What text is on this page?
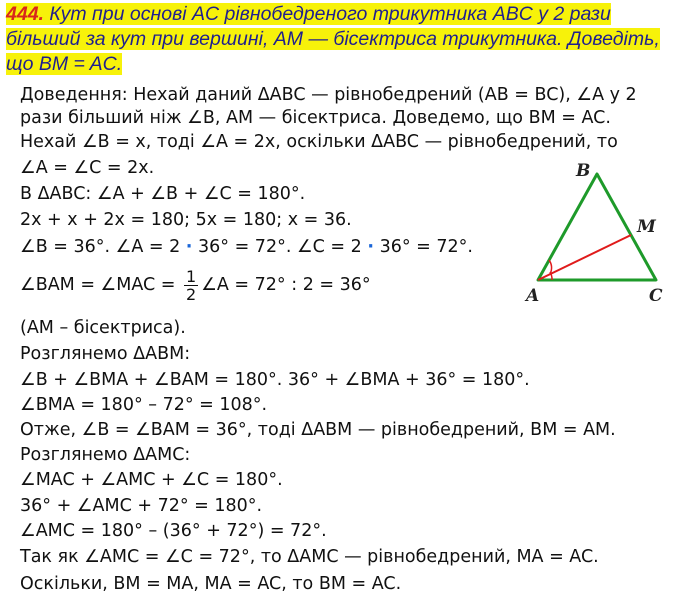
444. Кут при основі AC рівнобедреного трикутника ABC у 2 рази
більший за кут при вершині, AM — бісектриса трикутника. Доведіть,
що BM = AC.
Доведення: Нехай даний ΔABC — рівнобедрений (AB = BC), ∠A у 2
рази більший ніж ∠B, AM — бісектриса. Доведемо, що BM = AC.
Нехай ∠B = x, тоді ∠A = 2x, оскільки ΔABC — рівнобедрений, то
∠A = ∠C = 2x.
В ΔABC: ∠A + ∠B + ∠C = 180°.
2x + x + 2x = 180; 5x = 180; x = 36.
∠B = 36°. ∠A = 2 · 36° = 72°. ∠C = 2 · 36° = 72°.
∠BAM = ∠MAC = $\frac{1}{2}$ ∠A = 72° : 2 = 36°
(AM – бісектриса).
Розглянемо ΔABM:
∠B + ∠BMA + ∠BAM = 180°. 36° + ∠BMA + 36° = 180°.
∠BMA = 180° – 72° = 108°.
Отже, ∠B = ∠BAM = 36°, тоді ΔABM — рівнобедрений, BM = AM.
Розглянемо ΔAMC:
∠MAC + ∠AMC + ∠C = 180°.
36° + ∠AMC + 72° = 180°.
∠AMC = 180° – (36° + 72°) = 72°.
Так як ∠AMC = ∠C = 72°, то ΔAMC — рівнобедрений, MA = AC.
Оскільки, BM = MA, MA = AC, то BM = AC.
B
M
A	C
